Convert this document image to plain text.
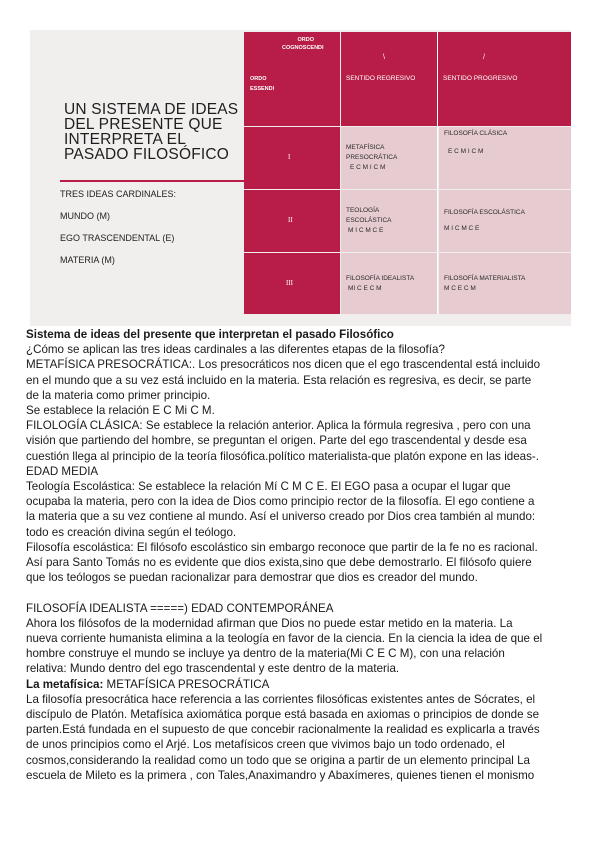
UN SISTEMA DE IDEAS
DEL PRESENTE QUE
INTERPRETA EL
PASADO FILOSÓFICO
TRES IDEAS CARDINALES:
MUNDO (M)
EGO TRASCENDENTAL (E)
MATERIA (M)
ORDO
COGNOSCENDI
ORDO
ESSENDI
\
SENTIDO REGRESIVO
/
SENTIDO PROGRESIVO
I
II
III
METAFÍSICA
PRESOCRÁTICA
E C M I C M
FILOSOFÍA CLÁSICA
E C M I C M
TEOLOGÍA
ESCOLÁSTICA
M I C M C E
FILOSOFÍA ESCOLÁSTICA
M I C M C E
FILOSOFÍA IDEALISTA
MI C E C M
FILOSOFÍA MATERIALISTA
M C E C M

Sistema de ideas del presente que interpretan el pasado Filosófico

¿Cómo se aplican las tres ideas cardinales a las diferentes etapas de la filosofía?

METAFÍSICA PRESOCRÁTICA:. Los presocráticos nos dicen que el ego trascendental está incluido

en el mundo que a su vez está incluido en la materia. Esta relación es regresiva, es decir, se parte

de la materia como primer principio.

Se establece la relación E C Mi C M.

FILOLOGÍA CLÁSICA: Se establece la relación anterior. Aplica la fórmula regresiva , pero con una

visión que partiendo del hombre, se preguntan el origen. Parte del ego trascendental y desde esa

cuestión llega al principio de la teoría filosófica.político materialista-que platón expone en las ideas-.

EDAD MEDIA

Teología Escolástica: Se establece la relación Mí C M C E. El EGO pasa a ocupar el lugar que

ocupaba la materia, pero con la idea de Dios como principio rector de la filosofía. El ego contiene a

la materia que a su vez contiene al mundo. Así el universo creado por Dios crea también al mundo:

todo es creación divina según el teólogo.

Filosofía escolástica: El filósofo escolástico sin embargo reconoce que partir de la fe no es racional.

Así para Santo Tomás no es evidente que dios exista,sino que debe demostrarlo. El filósofo quiere

que los teólogos se puedan racionalizar para demostrar que dios es creador del mundo.

FILOSOFÍA IDEALISTA =====) EDAD CONTEMPORÁNEA

Ahora los filósofos de la modernidad afirman que Dios no puede estar metido en la materia. La

nueva corriente humanista elimina a la teología en favor de la ciencia. En la ciencia la idea de que el

hombre construye el mundo se incluye ya dentro de la materia(Mi C E C M), con una relación

relativa: Mundo dentro del ego trascendental y este dentro de la materia.

La metafísica: METAFÍSICA PRESOCRÁTICA

La filosofía presocrática hace referencia a las corrientes filosóficas existentes antes de Sócrates, el

discípulo de Platón. Metafísica axiomática porque está basada en axiomas o principios de donde se

parten.Está fundada en el supuesto de que concebir racionalmente la realidad es explicarla a través

de unos principios como el Arjé. Los metafísicos creen que vivimos bajo un todo ordenado, el

cosmos,considerando la realidad como un todo que se origina a partir de un elemento principal La

escuela de Mileto es la primera , con Tales,Anaximandro y Abaxímeres, quienes tienen el monismo
